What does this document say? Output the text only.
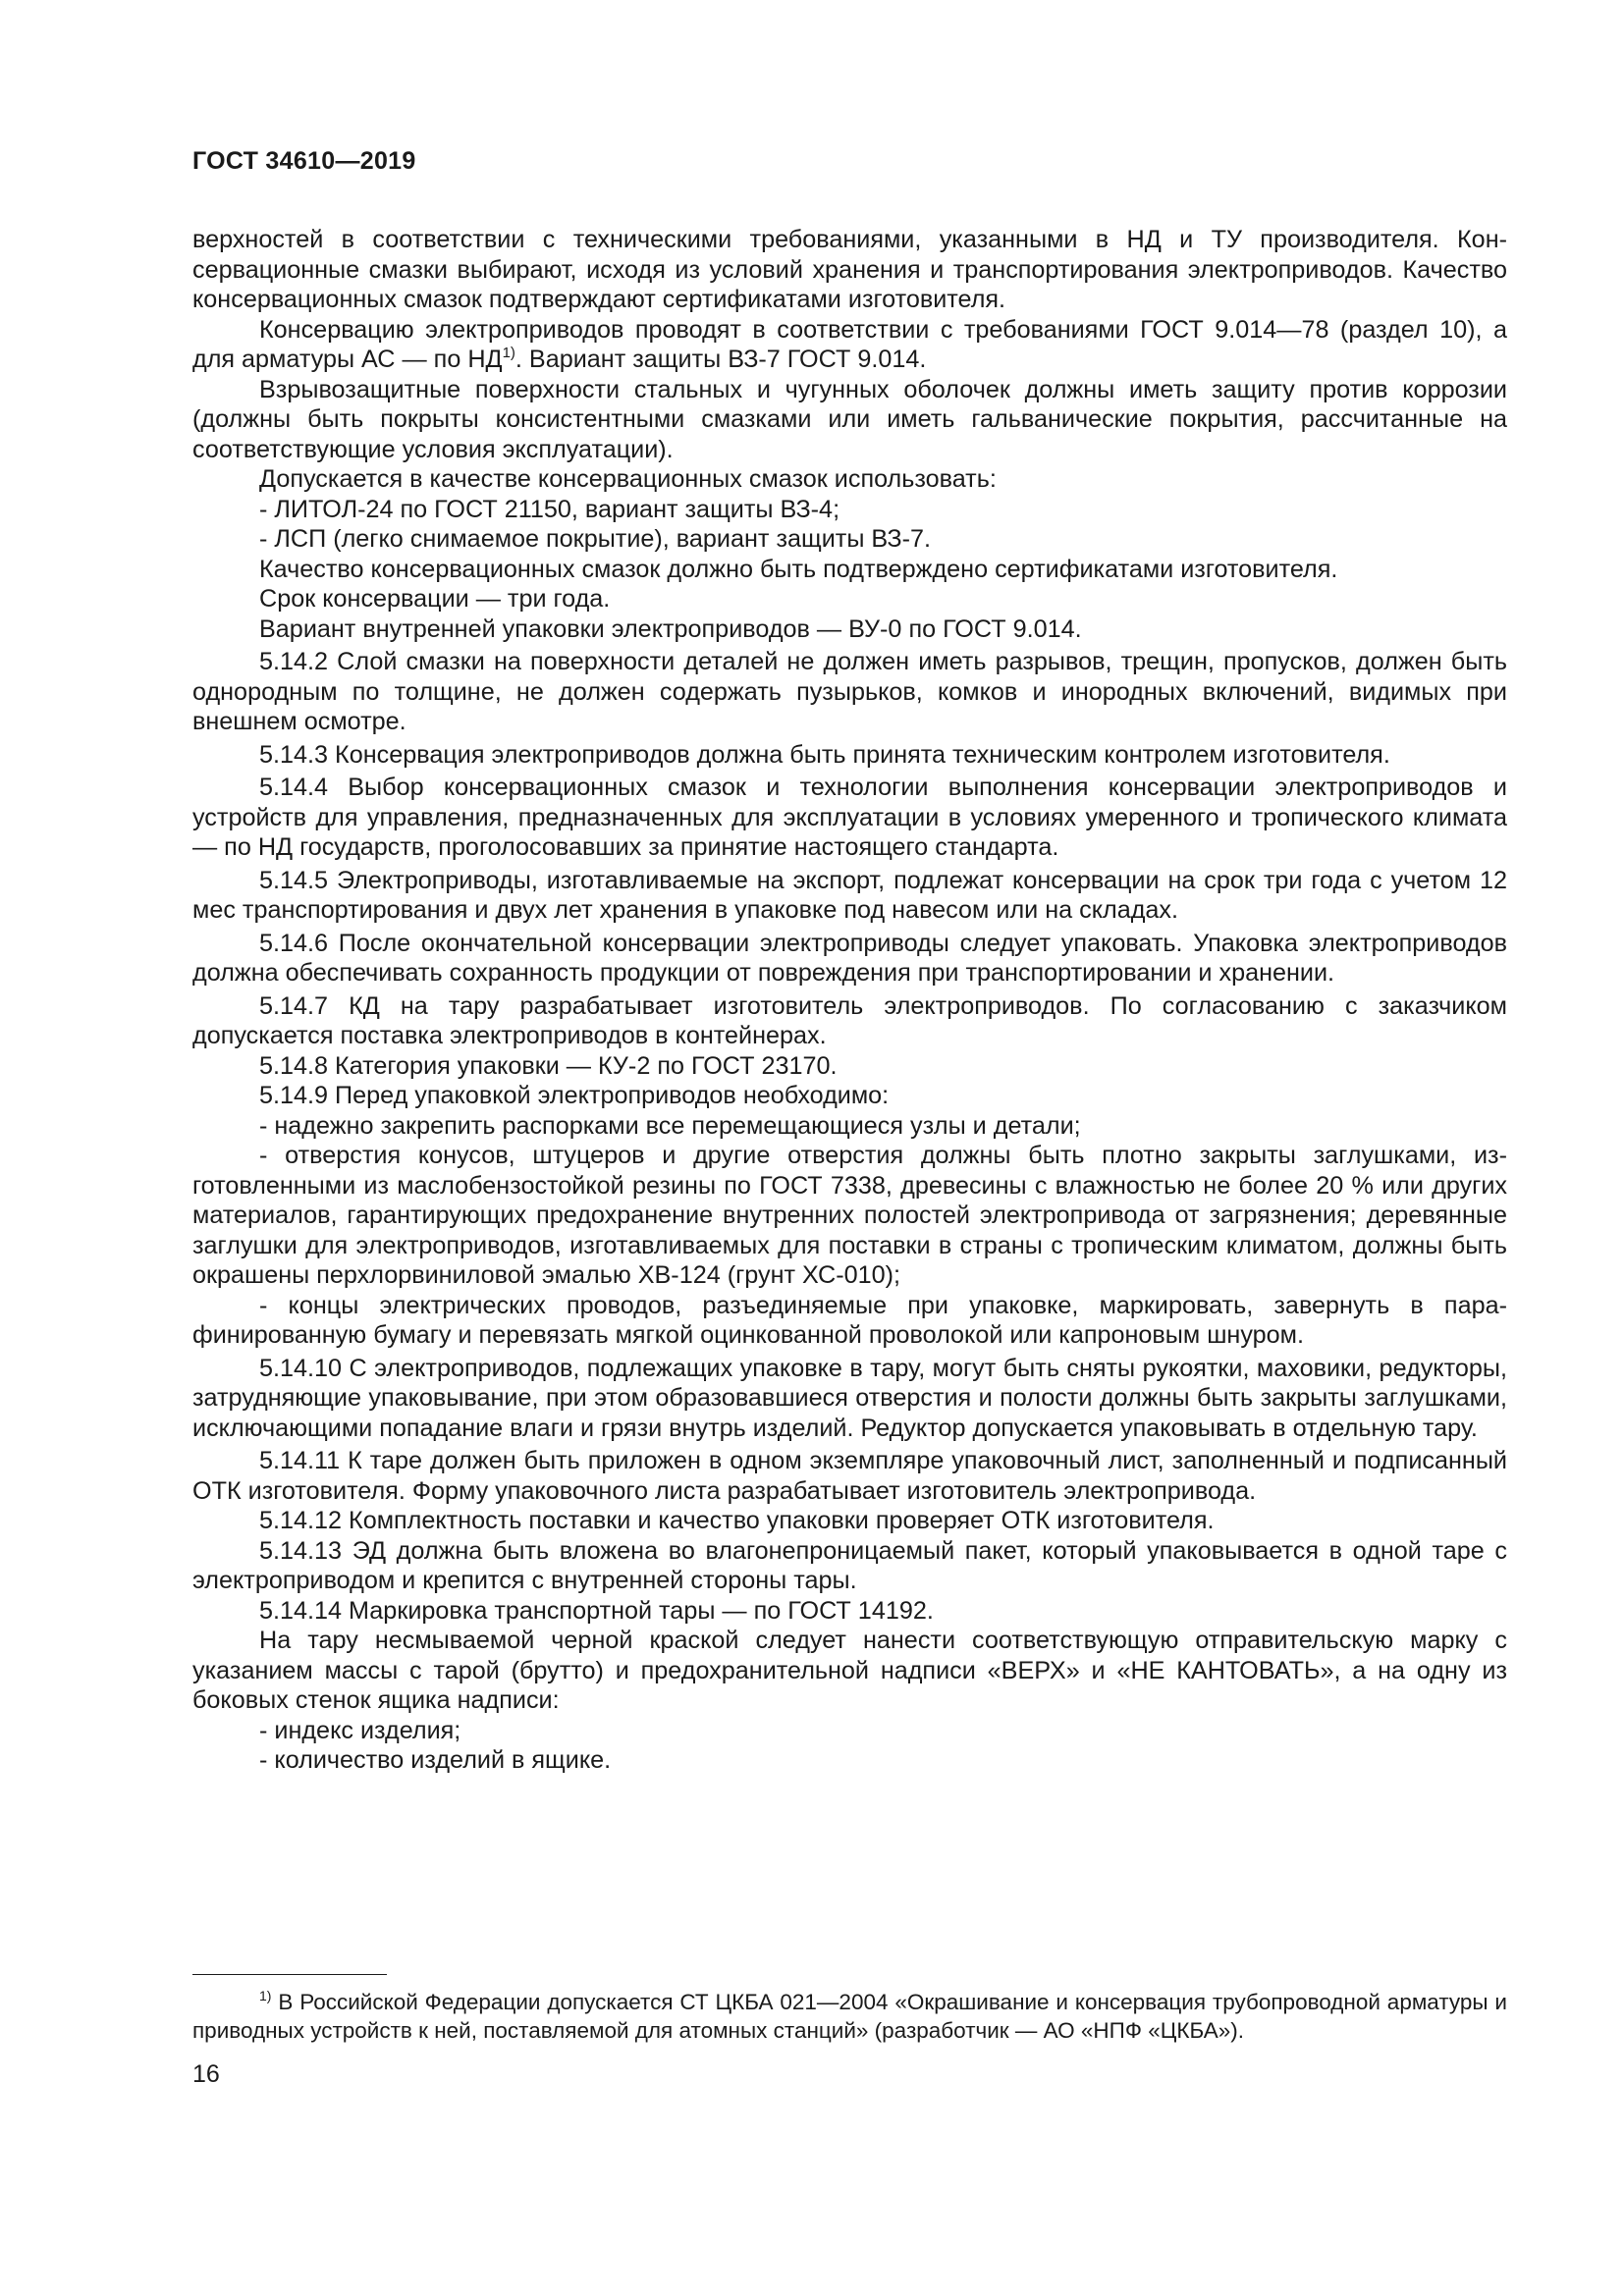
ГОСТ 34610—2019

верхностей в соответствии с техническими требованиями, указанными в НД и ТУ производителя. Консервационные смазки выбирают, исходя из условий хранения и транспортирования электроприводов. Качество консервационных смазок подтверждают сертификатами изготовителя.

Консервацию электроприводов проводят в соответствии с требованиями ГОСТ 9.014—78 (раздел 10), а для арматуры АС — по НД$^{1)}$. Вариант защиты ВЗ-7 ГОСТ 9.014.

Взрывозащитные поверхности стальных и чугунных оболочек должны иметь защиту против коррозии (должны быть покрыты консистентными смазками или иметь гальванические покрытия, рассчитанные на соответствующие условия эксплуатации).

Допускается в качестве консервационных смазок использовать:

- ЛИТОЛ-24 по ГОСТ 21150, вариант защиты ВЗ-4;

- ЛСП (легко снимаемое покрытие), вариант защиты ВЗ-7.

Качество консервационных смазок должно быть подтверждено сертификатами изготовителя.

Срок консервации — три года.

Вариант внутренней упаковки электроприводов — ВУ-0 по ГОСТ 9.014.

5.14.2 Слой смазки на поверхности деталей не должен иметь разрывов, трещин, пропусков, должен быть однородным по толщине, не должен содержать пузырьков, комков и инородных включений, видимых при внешнем осмотре.

5.14.3 Консервация электроприводов должна быть принята техническим контролем изготовителя.

5.14.4 Выбор консервационных смазок и технологии выполнения консервации электроприводов и устройств для управления, предназначенных для эксплуатации в условиях умеренного и тропического климата — по НД государств, проголосовавших за принятие настоящего стандарта.

5.14.5 Электроприводы, изготавливаемые на экспорт, подлежат консервации на срок три года с учетом 12 мес транспортирования и двух лет хранения в упаковке под навесом или на складах.

5.14.6 После окончательной консервации электроприводы следует упаковать. Упаковка электроприводов должна обеспечивать сохранность продукции от повреждения при транспортировании и хранении.

5.14.7 КД на тару разрабатывает изготовитель электроприводов. По согласованию с заказчиком допускается поставка электроприводов в контейнерах.

5.14.8 Категория упаковки — КУ-2 по ГОСТ 23170.

5.14.9 Перед упаковкой электроприводов необходимо:

- надежно закрепить распорками все перемещающиеся узлы и детали;

- отверстия конусов, штуцеров и другие отверстия должны быть плотно закрыты заглушками, изготовленными из маслобензостойкой резины по ГОСТ 7338, древесины с влажностью не более 20 % или других материалов, гарантирующих предохранение внутренних полостей электропривода от загрязнения; деревянные заглушки для электроприводов, изготавливаемых для поставки в страны с тропическим климатом, должны быть окрашены перхлорвиниловой эмалью ХВ-124 (грунт ХС-010);

- концы электрических проводов, разъединяемые при упаковке, маркировать, завернуть в парафинированную бумагу и перевязать мягкой оцинкованной проволокой или капроновым шнуром.

5.14.10 С электроприводов, подлежащих упаковке в тару, могут быть сняты рукоятки, маховики, редукторы, затрудняющие упаковывание, при этом образовавшиеся отверстия и полости должны быть закрыты заглушками, исключающими попадание влаги и грязи внутрь изделий. Редуктор допускается упаковывать в отдельную тару.

5.14.11 К таре должен быть приложен в одном экземпляре упаковочный лист, заполненный и подписанный ОТК изготовителя. Форму упаковочного листа разрабатывает изготовитель электропривода.

5.14.12 Комплектность поставки и качество упаковки проверяет ОТК изготовителя.

5.14.13 ЭД должна быть вложена во влагонепроницаемый пакет, который упаковывается в одной таре с электроприводом и крепится с внутренней стороны тары.

5.14.14 Маркировка транспортной тары — по ГОСТ 14192.

На тару несмываемой черной краской следует нанести соответствующую отправительскую марку с указанием массы с тарой (брутто) и предохранительной надписи «ВЕРХ» и «НЕ КАНТОВАТЬ», а на одну из боковых стенок ящика надписи:

- индекс изделия;

- количество изделий в ящике.

$^{1)}$ В Российской Федерации допускается СТ ЦКБА 021—2004 «Окрашивание и консервация трубопроводной арматуры и приводных устройств к ней, поставляемой для атомных станций» (разработчик — АО «НПФ «ЦКБА»).

16
